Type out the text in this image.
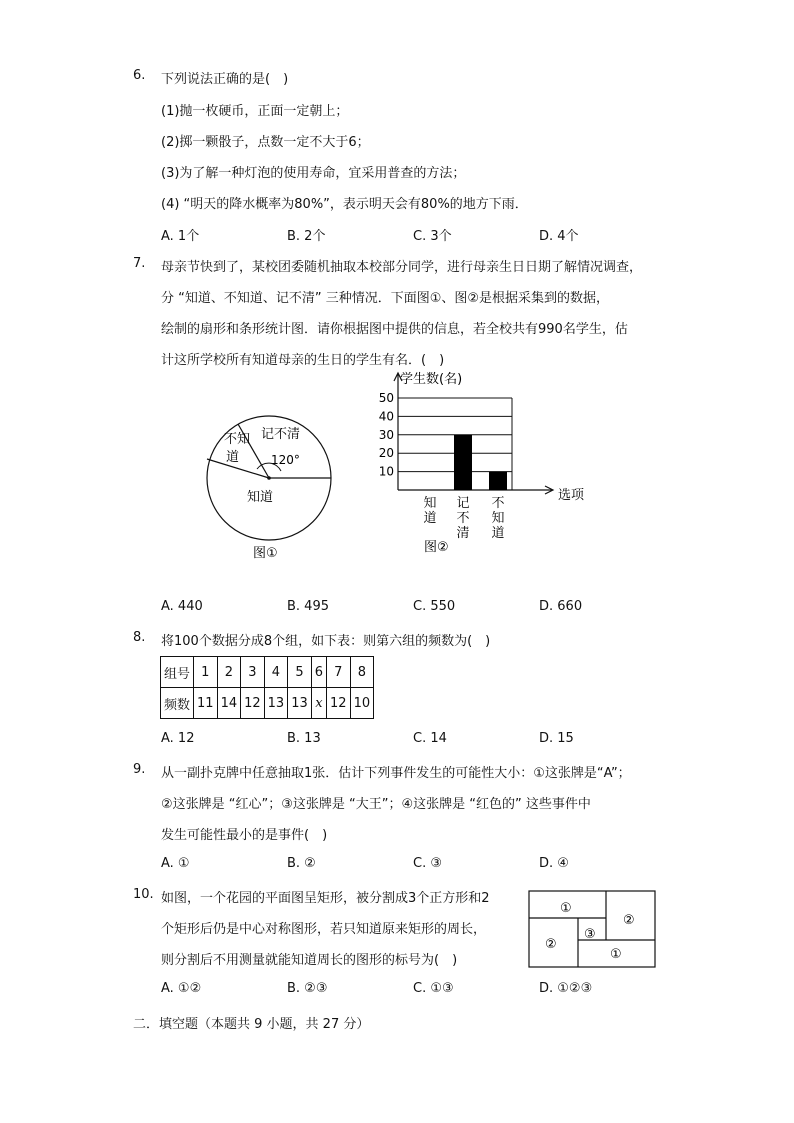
6. 下列说法正确的是(　)
(1)抛一枚硬币，正面一定朝上；
(2)掷一颗骰子，点数一定不大于6；
(3)为了解一种灯泡的使用寿命，宜采用普查的方法；
(4) “明天的降水概率为80%”，表示明天会有80%的地方下雨．
A. 1个	B. 2个	C. 3个	D. 4个
7. 母亲节快到了，某校团委随机抽取本校部分同学，进行母亲生日日期了解情况调查，
分 “知道、不知道、记不清” 三种情况．下面图①、图②是根据采集到的数据，
绘制的扇形和条形统计图．请你根据图中提供的信息，若全校共有990名学生，估
计这所学校所有知道母亲的生日的学生有名．(　)
不知
道
记不清
120°
知道
图①
10
20
30
40
50
知
道
记
不
清
不
知
道
学生数(名)
选项
图②
A. 440	B. 495	C. 550	D. 660
8. 将100个数据分成8个组，如下表：则第六组的频数为(　)
组号	1	2	3	4	5	6	7	8
频数	11	14	12	13	13	x	12	10
A. 12	B. 13	C. 14	D. 15
9. 从一副扑克牌中任意抽取1张．估计下列事件发生的可能性大小：①这张牌是“A”；
②这张牌是 “红心”；③这张牌是 “大王”；④这张牌是 “红色的” 这些事件中
发生可能性最小的是事件(　)
A. ①	B. ②	C. ③	D. ④
10. 如图，一个花园的平面图呈矩形，被分割成3个正方形和2
个矩形后仍是中心对称图形，若只知道原来矩形的周长，
则分割后不用测量就能知道周长的图形的标号为(　)
①
②
③
②
①
A. ①②	B. ②③	C. ①③	D. ①②③
二．填空题（本题共 9 小题，共 27 分）
